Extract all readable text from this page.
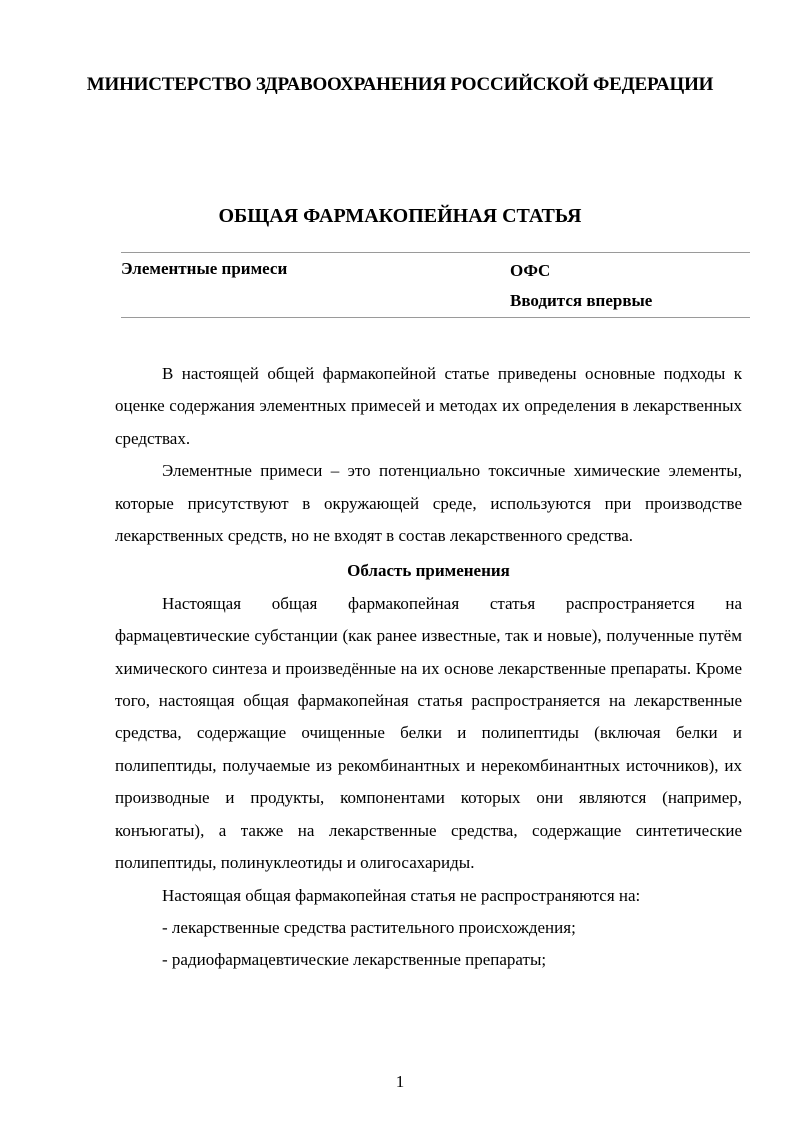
МИНИСТЕРСТВО ЗДРАВООХРАНЕНИЯ РОССИЙСКОЙ ФЕДЕРАЦИИ
ОБЩАЯ ФАРМАКОПЕЙНАЯ СТАТЬЯ
Элементные примеси	ОФС
Вводится впервые

В настоящей общей фармакопейной статье приведены основные подходы к оценке содержания элементных примесей и методах их определения в лекарственных средствах.

Элементные примеси – это потенциально токсичные химические элементы, которые присутствуют в окружающей среде, используются при производстве лекарственных средств, но не входят в состав лекарственного средства.

Область применения

Настоящая общая фармакопейная статья распространяется на фармацевтические субстанции (как ранее известные, так и новые), полученные путём химического синтеза и произведённые на их основе лекарственные препараты. Кроме того, настоящая общая фармакопейная статья распространяется на лекарственные средства, содержащие очищенные белки и полипептиды (включая белки и полипептиды, получаемые из рекомбинантных и нерекомбинантных источников), их производные и продукты, компонентами которых они являются (например, конъюгаты), а также на лекарственные средства, содержащие синтетические полипептиды, полинуклеотиды и олигосахариды.

Настоящая общая фармакопейная статья не распространяются на:

- лекарственные средства растительного происхождения;
- радиофармацевтические лекарственные препараты;
1
